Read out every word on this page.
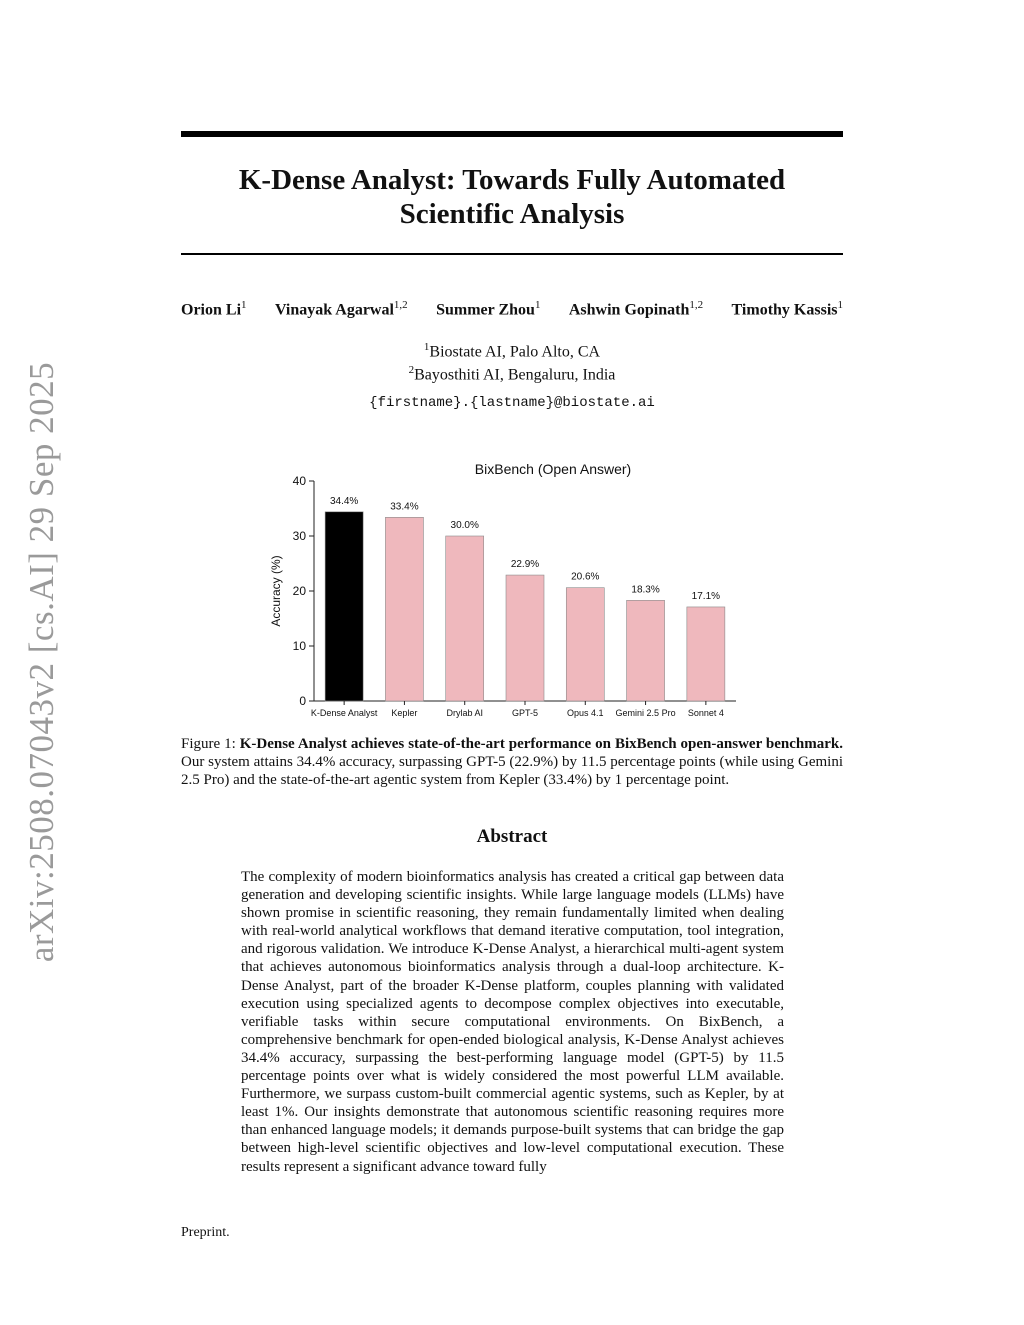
arXiv:2508.07043v2 [cs.AI] 29 Sep 2025
K-Dense Analyst: Towards Fully Automated Scientific Analysis
Orion Li$^1$ Vinayak Agarwal$^{1,2}$ Summer Zhou$^1$ Ashwin Gopinath$^{1,2}$ Timothy Kassis$^1$
$^1$Biostate AI, Palo Alto, CA
$^2$Bayosthiti AI, Bengaluru, India
{firstname}.{lastname}@biostate.ai
BixBench (Open Answer)
Accuracy (%)
0
10
20
30
40
34.4%
K-Dense Analyst
33.4%
Kepler
30.0%
Drylab AI
22.9%
GPT-5
20.6%
Opus 4.1
18.3%
Gemini 2.5 Pro
17.1%
Sonnet 4
Figure 1: K-Dense Analyst achieves state-of-the-art performance on BixBench open-answer benchmark. Our system attains 34.4% accuracy, surpassing GPT-5 (22.9%) by 11.5 percentage points (while using Gemini 2.5 Pro) and the state-of-the-art agentic system from Kepler (33.4%) by 1 percentage point.
Abstract
The complexity of modern bioinformatics analysis has created a critical gap between data generation and developing scientific insights. While large language models (LLMs) have shown promise in scientific reasoning, they remain fundamentally limited when dealing with real-world analytical workflows that demand iterative computation, tool integration, and rigorous validation. We introduce K-Dense Analyst, a hierarchical multi-agent system that achieves autonomous bioinformatics analysis through a dual-loop architecture. K-Dense Analyst, part of the broader K-Dense platform, couples planning with validated execution using specialized agents to decompose complex objectives into executable, verifiable tasks within secure computational environments. On BixBench, a comprehensive benchmark for open-ended biological analysis, K-Dense Analyst achieves 34.4% accuracy, surpassing the best-performing language model (GPT-5) by 11.5 percentage points over what is widely considered the most powerful LLM available. Furthermore, we surpass custom-built commercial agentic systems, such as Kepler, by at least 1%. Our insights demonstrate that autonomous scientific reasoning requires more than enhanced language models; it demands purpose-built systems that can bridge the gap between high-level scientific objectives and low-level computational execution. These results represent a significant advance toward fully
Preprint.
